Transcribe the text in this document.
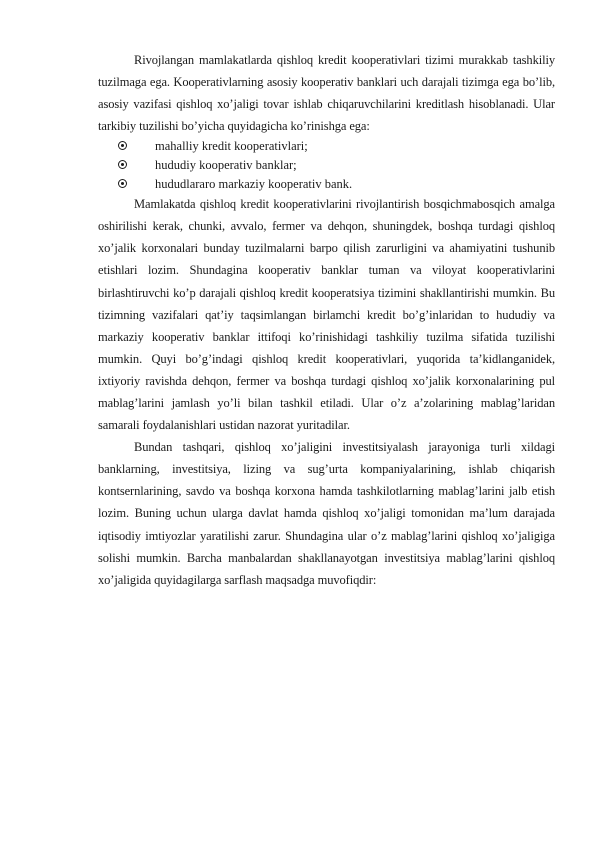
Rivojlangan mamlakatlarda qishloq kredit kooperativlari tizimi murakkab tashkiliy tuzilmaga ega. Kooperativlarning asosiy kooperativ banklari uch darajali tizimga ega bo’lib, asosiy vazifasi qishloq xo’jaligi tovar ishlab chiqaruvchilarini kreditlash hisoblanadi. Ular tarkibiy tuzilishi bo’yicha quyidagicha ko’rinishga ega:

mahalliy kredit kooperativlari;
hududiy kooperativ banklar;
hududlararo markaziy kooperativ bank.

Mamlakatda qishloq kredit kooperativlarini rivojlantirish bosqichmabosqich amalga oshirilishi kerak, chunki, avvalo, fermer va dehqon, shuningdek, boshqa turdagi qishloq xo’jalik korxonalari bunday tuzilmalarni barpo qilish zarurligini va ahamiyatini tushunib etishlari lozim. Shundagina kooperativ banklar tuman va viloyat kooperativlarini birlashtiruvchi ko’p darajali qishloq kredit kooperatsiya tizimini shakllantirishi mumkin. Bu tizimning vazifalari qat’iy taqsimlangan birlamchi kredit bo’g’inlaridan to hududiy va markaziy kooperativ banklar ittifoqi ko’rinishidagi tashkiliy tuzilma sifatida tuzilishi mumkin. Quyi bo’g’indagi qishloq kredit kooperativlari, yuqorida ta’kidlanganidek, ixtiyoriy ravishda dehqon, fermer va boshqa turdagi qishloq xo’jalik korxonalarining pul mablag’larini jamlash yo’li bilan tashkil etiladi. Ular o’z a’zolarining mablag’laridan samarali foydalanishlari ustidan nazorat yuritadilar.

Bundan tashqari, qishloq xo’jaligini investitsiyalash jarayoniga turli xildagi banklarning, investitsiya, lizing va sug’urta kompaniyalarining, ishlab chiqarish kontsernlarining, savdo va boshqa korxona hamda tashkilotlarning mablag’larini jalb etish lozim. Buning uchun ularga davlat hamda qishloq xo’jaligi tomonidan ma’lum darajada iqtisodiy imtiyozlar yaratilishi zarur. Shundagina ular o’z mablag’larini qishloq xo’jaligiga solishi mumkin. Barcha manbalardan shakllanayotgan investitsiya mablag’larini qishloq xo’jaligida quyidagilarga sarflash maqsadga muvofiqdir:
